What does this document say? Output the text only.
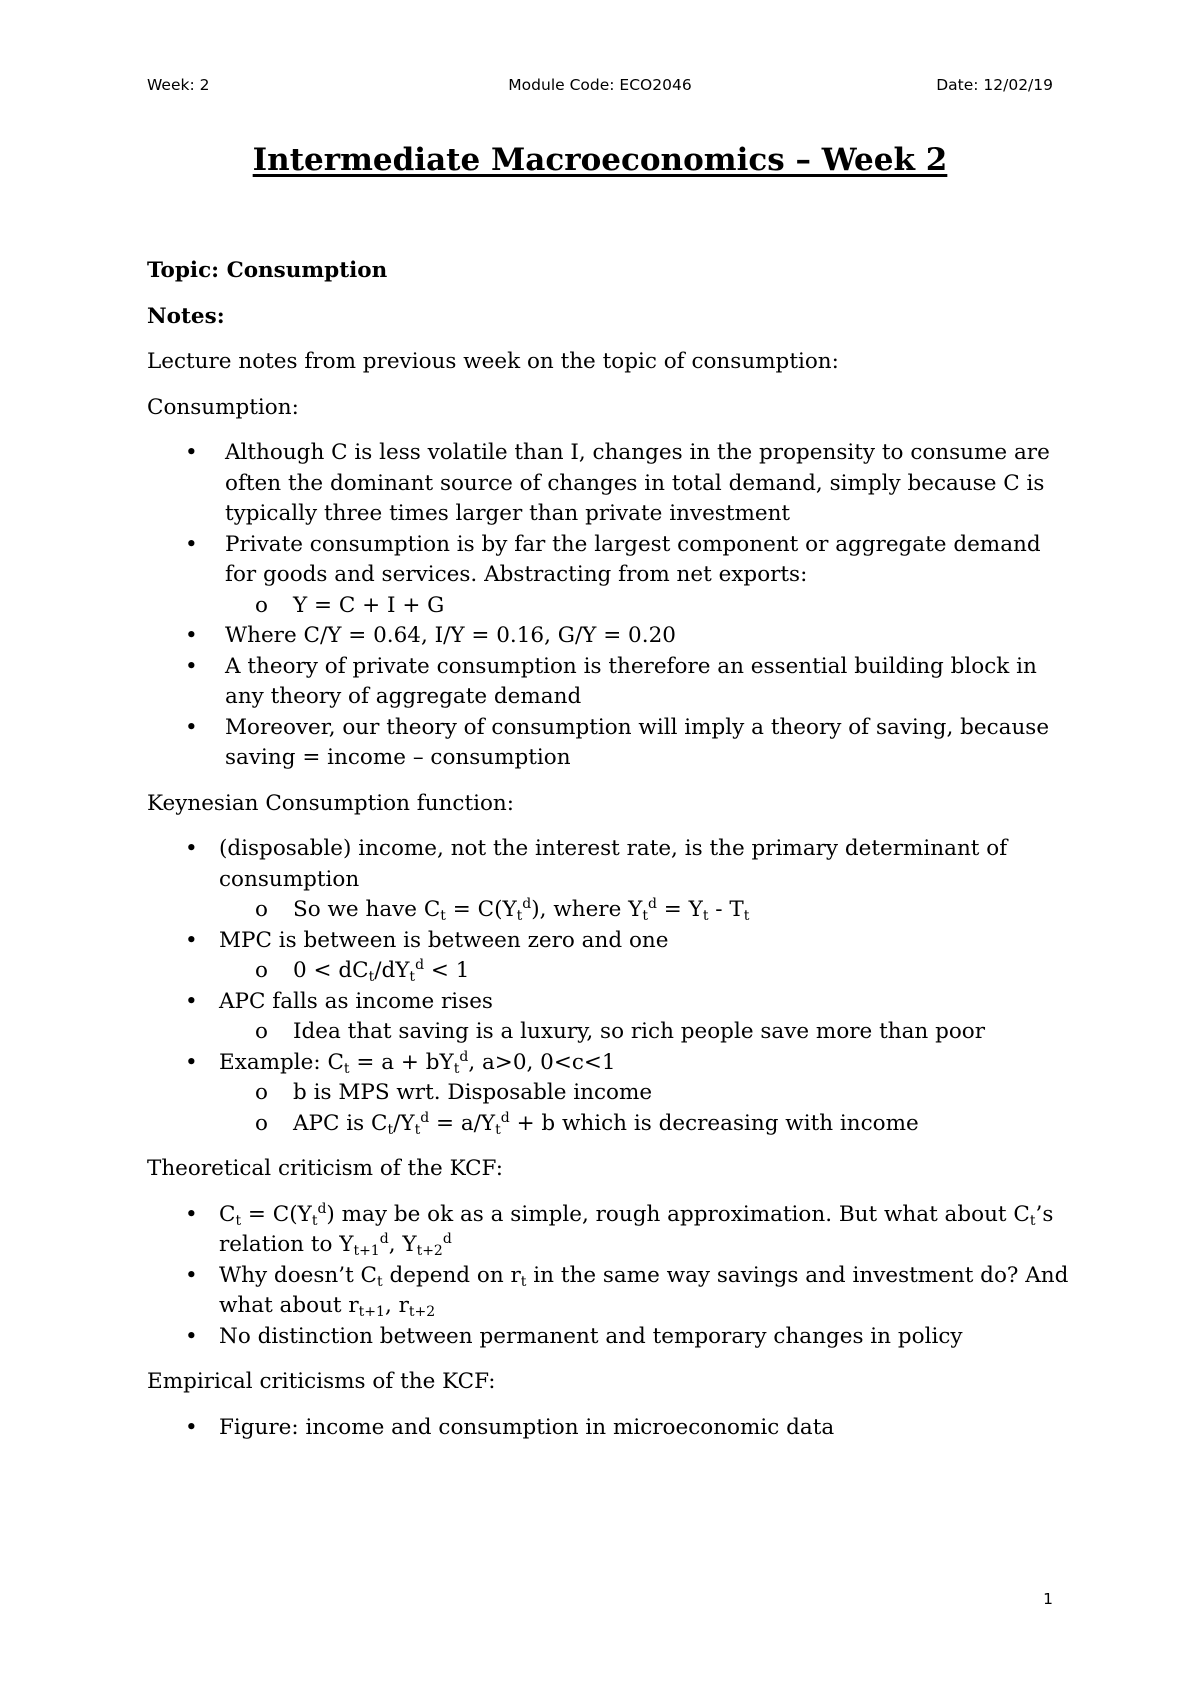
Week: 2	Module Code: ECO2046	Date: 12/02/19
Intermediate Macroeconomics – Week 2

Topic: Consumption

Notes:

Lecture notes from previous week on the topic of consumption:

Consumption:

• Although C is less volatile than I, changes in the propensity to consume are often the dominant source of changes in total demand, simply because C is typically three times larger than private investment
• Private consumption is by far the largest component or aggregate demand for goods and services. Abstracting from net exports:
o Y = C + I + G
• Where C/Y = 0.64, I/Y = 0.16, G/Y = 0.20
• A theory of private consumption is therefore an essential building block in any theory of aggregate demand
• Moreover, our theory of consumption will imply a theory of saving, because saving = income – consumption

Keynesian Consumption function:

• (disposable) income, not the interest rate, is the primary determinant of consumption
o So we have $C_t = C(Y_t^d)$, where $Y_t^d = Y_t - T_t$
• MPC is between is between zero and one
o $0 < dC_t/dY_t^d < 1$
• APC falls as income rises
o Idea that saving is a luxury, so rich people save more than poor
• Example: $C_t = a + bY_t^d$, a>0, 0<c<1
o b is MPS wrt. Disposable income
o APC is $C_t/Y_t^d = a/Y_t^d + b$ which is decreasing with income

Theoretical criticism of the KCF:

• $C_t = C(Y_t^d)$ may be ok as a simple, rough approximation. But what about $C_t’s$ relation to $Y_{t+1}^d$, $Y_{t+2}^d$
• Why doesn’t $C_t$ depend on $r_t$ in the same way savings and investment do? And what about $r_{t+1}$, $r_{t+2}$
• No distinction between permanent and temporary changes in policy

Empirical criticisms of the KCF:

• Figure: income and consumption in microeconomic data
1
